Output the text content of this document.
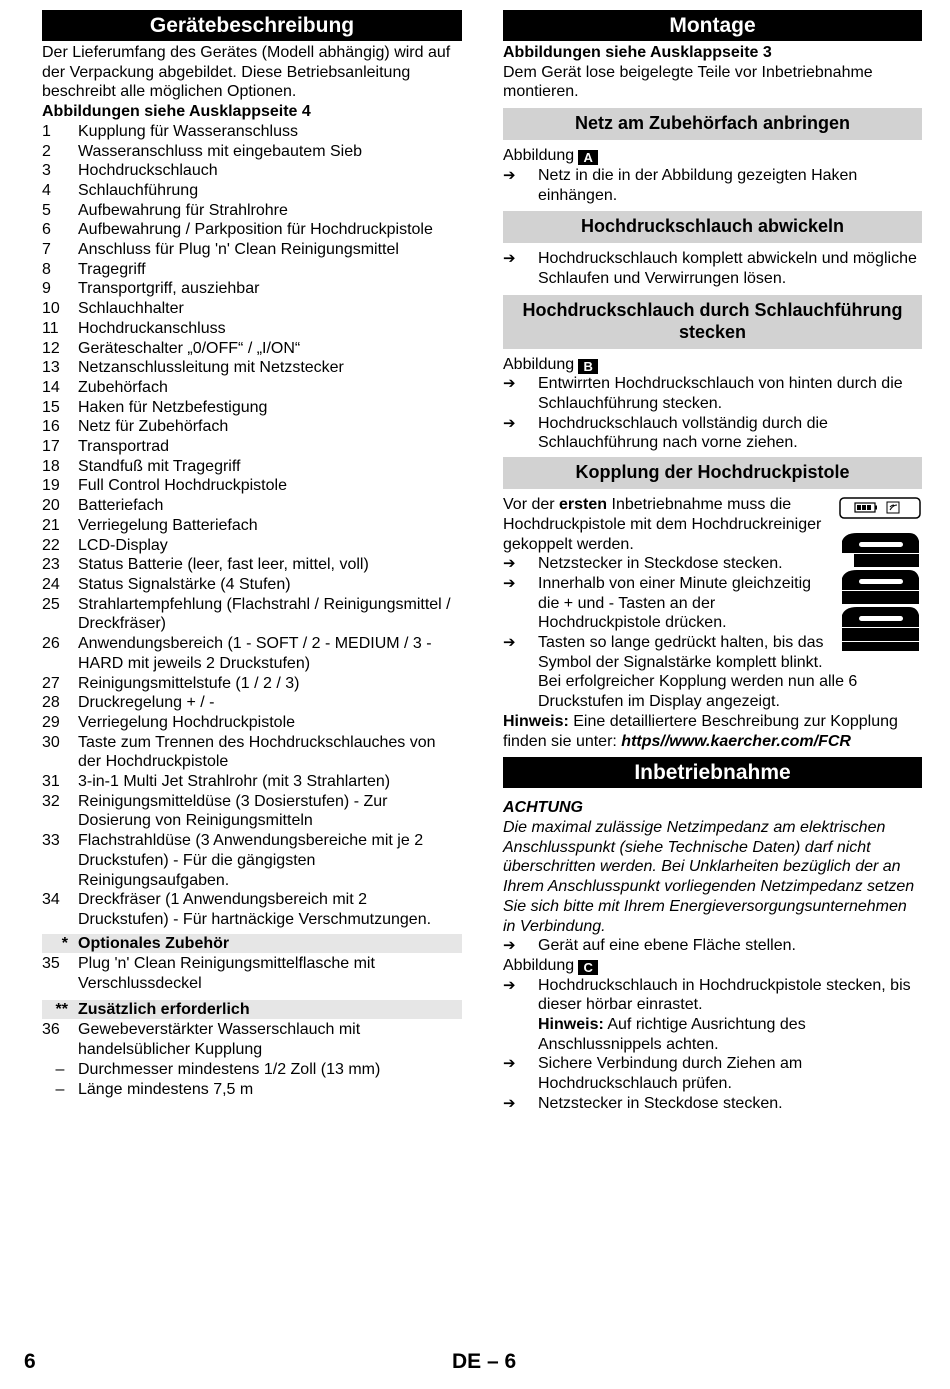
Gerätebeschreibung

Der Lieferumfang des Gerätes (Modell abhängig) wird auf der Verpackung abgebildet. Diese Betriebsanleitung beschreibt alle möglichen Optionen.

Abbildungen siehe Ausklappseite 4

1	Kupplung für Wasseranschluss
2	Wasseranschluss mit eingebautem Sieb
3	Hochdruckschlauch
4	Schlauchführung
5	Aufbewahrung für Strahlrohre
6	Aufbewahrung / Parkposition für Hochdruckpistole
7	Anschluss für Plug 'n' Clean Reinigungsmittel
8	Tragegriff
9	Transportgriff, ausziehbar
10	Schlauchhalter
11	Hochdruckanschluss
12	Geräteschalter „0/OFF“ / „I/ON“
13	Netzanschlussleitung mit Netzstecker
14	Zubehörfach
15	Haken für Netzbefestigung
16	Netz für Zubehörfach
17	Transportrad
18	Standfuß mit Tragegriff
19	Full Control Hochdruckpistole
20	Batteriefach
21	Verriegelung Batteriefach
22	LCD-Display
23	Status Batterie (leer, fast leer, mittel, voll)
24	Status Signalstärke (4 Stufen)
25	Strahlartempfehlung (Flachstrahl / Reinigungsmittel / Dreckfräser)
26	Anwendungsbereich (1 - SOFT / 2 - MEDIUM / 3 - HARD mit jeweils 2 Druckstufen)
27	Reinigungsmittelstufe (1 / 2 / 3)
28	Druckregelung + / -
29	Verriegelung Hochdruckpistole
30	Taste zum Trennen des Hochdruckschlauches von der Hochdruckpistole
31	3-in-1 Multi Jet Strahlrohr (mit 3 Strahlarten)
32	Reinigungsmitteldüse (3 Dosierstufen) - Zur Dosierung von Reinigungsmitteln
33	Flachstrahldüse (3 Anwendungsbereiche mit je 2 Druckstufen) - Für die gängigsten Reinigungsaufgaben.
34	Dreckfräser (1 Anwendungsbereich mit 2 Druckstufen) - Für hartnäckige Verschmutzungen.
* Optionales Zubehör
35	Plug 'n' Clean Reinigungsmittelflasche mit Verschlussdeckel
** Zusätzlich erforderlich
36	Gewebeverstärkter Wasserschlauch mit handelsüblicher Kupplung
– Durchmesser mindestens 1/2 Zoll (13 mm)
– Länge mindestens 7,5 m
Montage

Abbildungen siehe Ausklappseite 3

Dem Gerät lose beigelegte Teile vor Inbetriebnahme montieren.

Netz am Zubehörfach anbringen

Abbildung A

➔	Netz in die in der Abbildung gezeigten Haken einhängen.
Hochdruckschlauch abwickeln
➔	Hochdruckschlauch komplett abwickeln und mögliche Schlaufen und Verwirrungen lösen.
Hochdruckschlauch durch Schlauchführung stecken

Abbildung B

➔	Entwirrten Hochdruckschlauch von hinten durch die Schlauchführung stecken.
➔	Hochdruckschlauch vollständig durch die Schlauchführung nach vorne ziehen.
Kopplung der Hochdruckpistole
3

Vor der ersten Inbetriebnahme muss die Hochdruckpistole mit dem Hochdruckreiniger gekoppelt werden.

➔	Netzstecker in Steckdose stecken.
➔	Innerhalb von einer Minute gleichzeitig die + und - Tasten an der Hochdruckpistole drücken.
➔	Tasten so lange gedrückt halten, bis das Symbol der Signalstärke komplett blinkt.

Bei erfolgreicher Kopplung werden nun alle 6 Druckstufen im Display angezeigt.

Hinweis: Eine detailliertere Beschreibung zur Kopplung finden sie unter: https//www.kaercher.com/FCR

Inbetriebnahme

ACHTUNG

Die maximal zulässige Netzimpedanz am elektrischen Anschlusspunkt (siehe Technische Daten) darf nicht überschritten werden. Bei Unklarheiten bezüglich der an Ihrem Anschlusspunkt vorliegenden Netzimpedanz setzen Sie sich bitte mit Ihrem Energieversorgungsunternehmen in Verbindung.

➔	Gerät auf eine ebene Fläche stellen.

Abbildung C

➔	Hochdruckschlauch in Hochdruckpistole stecken, bis dieser hörbar einrastet.

Hinweis: Auf richtige Ausrichtung des Anschlussnippels achten.

➔	Sichere Verbindung durch Ziehen am Hochdruckschlauch prüfen.
➔	Netzstecker in Steckdose stecken.
6	DE – 6
